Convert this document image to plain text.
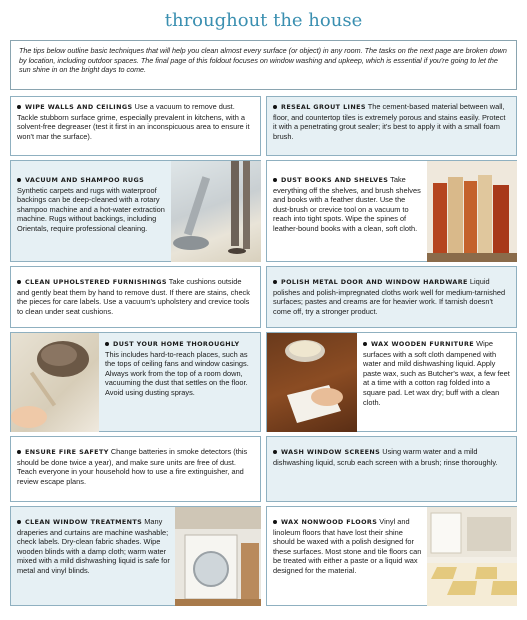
throughout the house
The tips below outline basic techniques that will help you clean almost every surface (or object) in any room. The tasks on the next page are broken down by location, including outdoor spaces. The final page of this foldout focuses on window washing and upkeep, which is essential if you're going to let the sun shine in on the bright days to come.
WIPE WALLS AND CEILINGS Use a vacuum to remove dust. Tackle stubborn surface grime, especially prevalent in kitchens, with a solvent-free degreaser (test it first in an inconspicuous area to ensure it won't mar the surface).
RESEAL GROUT LINES The cement-based material between wall, floor, and countertop tiles is extremely porous and stains easily. Protect it with a penetrating grout sealer; it's best to apply it with a small foam brush.
VACUUM AND SHAMPOO RUGS
Synthetic carpets and rugs with waterproof backings can be deep-cleaned with a rotary shampoo machine and a hot-water extraction machine. Rugs without backings, including Orientals, require professional cleaning.
DUST BOOKS AND SHELVES Take everything off the shelves, and brush shelves and books with a feather duster. Use the dust-brush or crevice tool on a vacuum to reach into tight spots. Wipe the spines of leather-bound books with a clean, soft cloth.
CLEAN UPHOLSTERED FURNISHINGS Take cushions outside and gently beat them by hand to remove dust. If there are stains, check the pieces for care labels. Use a vacuum's upholstery and crevice tools to clean under seat cushions.
POLISH METAL DOOR AND WINDOW HARDWARE Liquid polishes and polish-impregnated cloths work well for medium-tarnished surfaces; pastes and creams are for heavier work. If tarnish doesn't come off, try a stronger product.
DUST YOUR HOME THOROUGHLY
This includes hard-to-reach places, such as the tops of ceiling fans and window casings. Always work from the top of a room down, vacuuming the dust that settles on the floor. Avoid using dusting sprays.
WAX WOODEN FURNITURE Wipe surfaces with a soft cloth dampened with water and mild dishwashing liquid. Apply paste wax, such as Butcher's wax, a few feet at a time with a cotton rag folded into a square pad. Let wax dry; buff with a clean cloth.
ENSURE FIRE SAFETY Change batteries in smoke detectors (this should be done twice a year), and make sure units are free of dust. Teach everyone in your household how to use a fire extinguisher, and review escape plans.
WASH WINDOW SCREENS Using warm water and a mild dishwashing liquid, scrub each screen with a brush; rinse thoroughly.
CLEAN WINDOW TREATMENTS Many draperies and curtains are machine washable; check labels. Dry-clean fabric shades. Wipe wooden blinds with a damp cloth; warm water mixed with a mild dishwashing liquid is safe for metal and vinyl blinds.
WAX NONWOOD FLOORS Vinyl and linoleum floors that have lost their shine should be waxed with a polish designed for these surfaces. Most stone and tile floors can be treated with either a paste or a liquid wax designed for the material.
